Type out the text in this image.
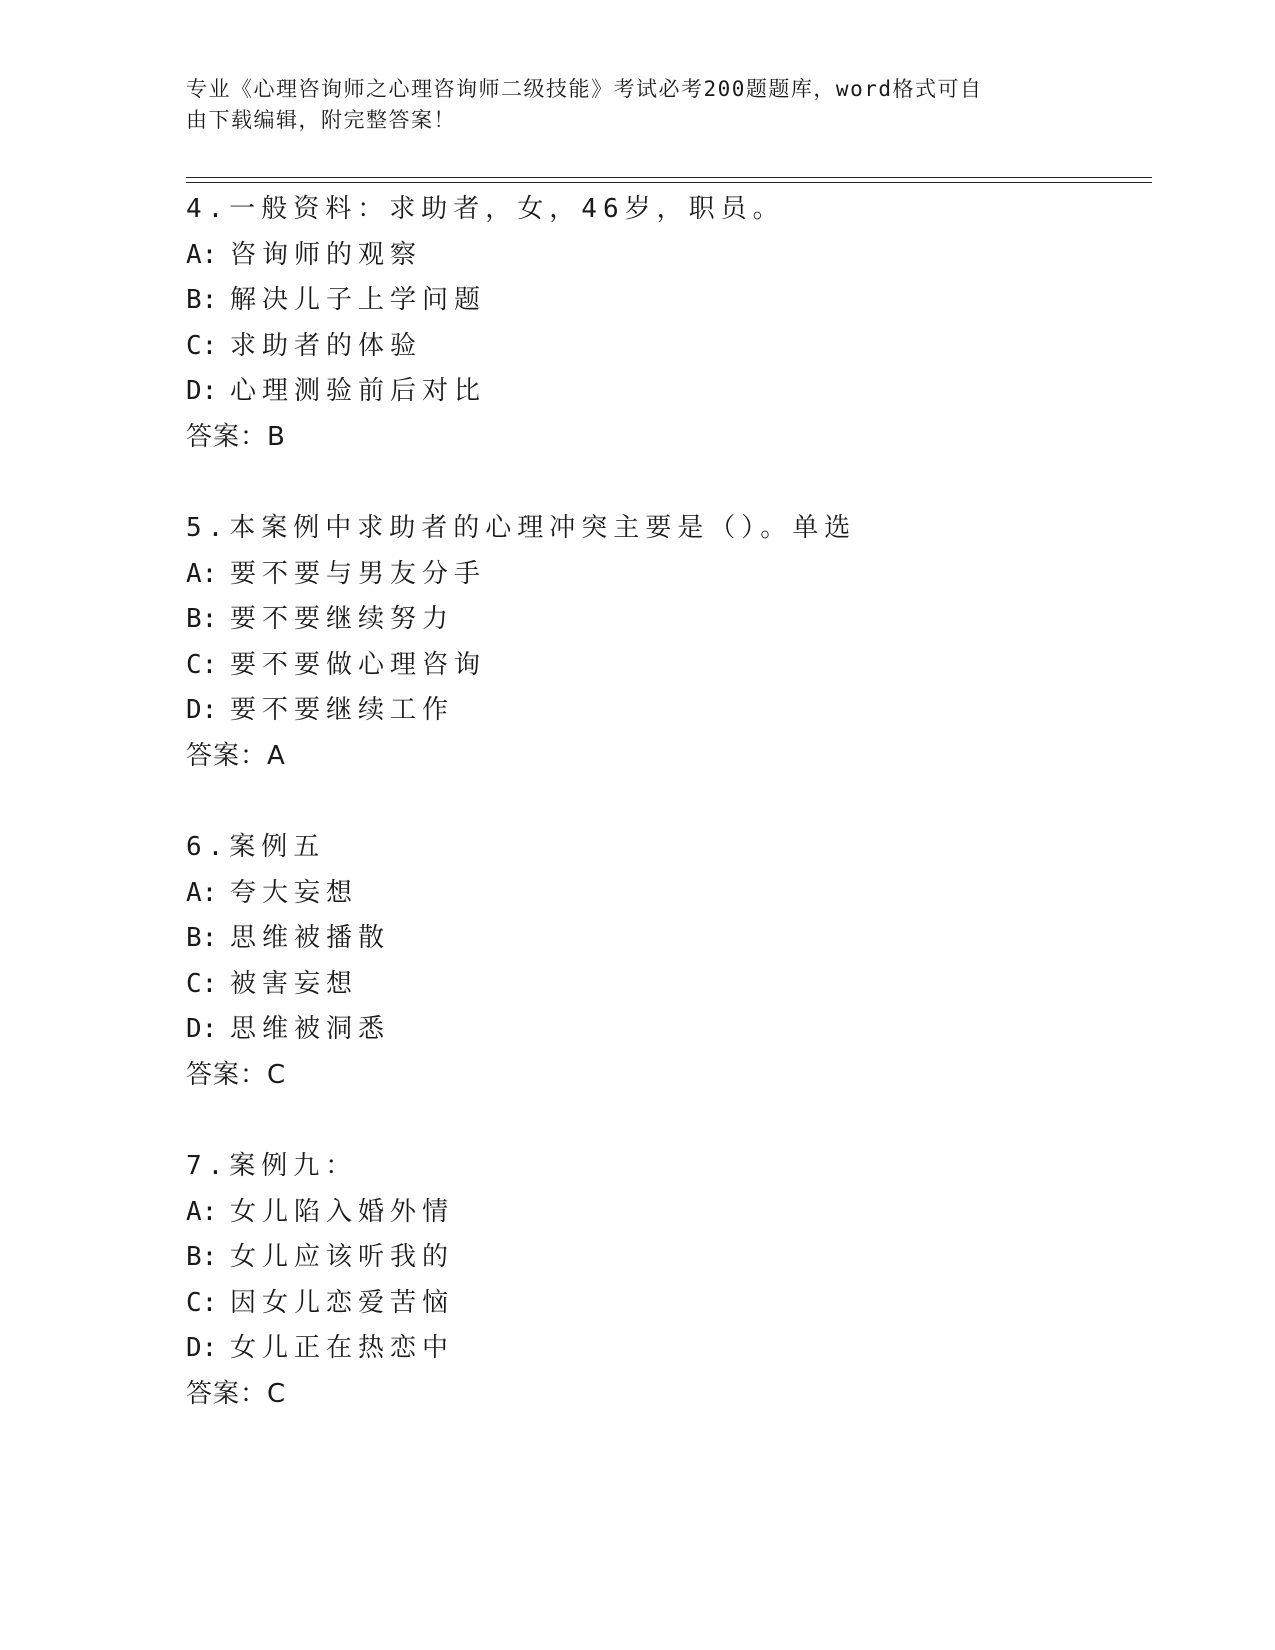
专业《心理咨询师之心理咨询师二级技能》考试必考200题题库，word格式可自
由下载编辑，附完整答案！
4.一般资料：求助者，女，46岁，职员。
A: 咨询师的观察
B: 解决儿子上学问题
C: 求助者的体验
D: 心理测验前后对比
答案：B
5.本案例中求助者的心理冲突主要是（）。单选
A: 要不要与男友分手
B: 要不要继续努力
C: 要不要做心理咨询
D: 要不要继续工作
答案：A
6.案例五
A: 夸大妄想
B: 思维被播散
C: 被害妄想
D: 思维被洞悉
答案：C
7.案例九：
A: 女儿陷入婚外情
B: 女儿应该听我的
C: 因女儿恋爱苦恼
D: 女儿正在热恋中
答案：C
